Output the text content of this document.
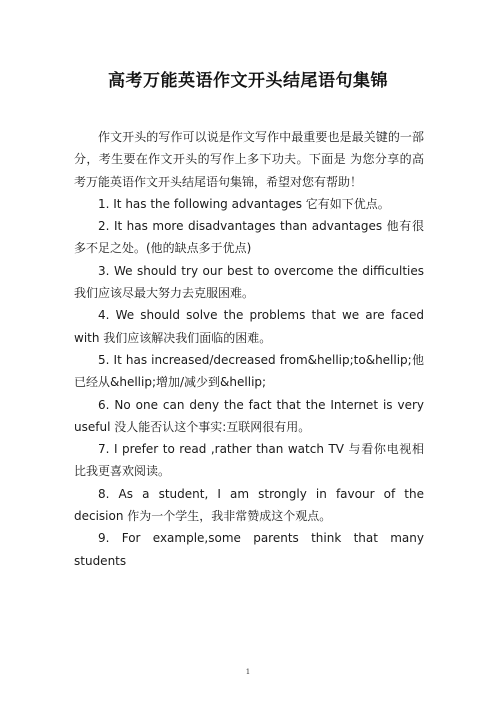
高考万能英语作文开头结尾语句集锦

作文开头的写作可以说是作文写作中最重要也是最关键的一部分，考生要在作文开头的写作上多下功夫。下面是 为您分享的高考万能英语作文开头结尾语句集锦，希望对您有帮助！

1. It has the following advantages 它有如下优点。

2. It has more disadvantages than advantages 他有很多不足之处。(他的缺点多于优点)

3. We should try our best to overcome the difficulties 我们应该尽最大努力去克服困难。

4. We should solve the problems that we are faced with 我们应该解决我们面临的困难。

5. It has increased/decreased from&hellip;to&hellip;他已经从&hellip;增加/减少到&hellip;

6. No one can deny the fact that the Internet is very useful 没人能否认这个事实:互联网很有用。

7. I prefer to read ,rather than watch TV 与看你电视相比我更喜欢阅读。

8. As a student, I am strongly in favour of the decision 作为一个学生，我非常赞成这个观点。

9. For example,some parents think that many students

1
